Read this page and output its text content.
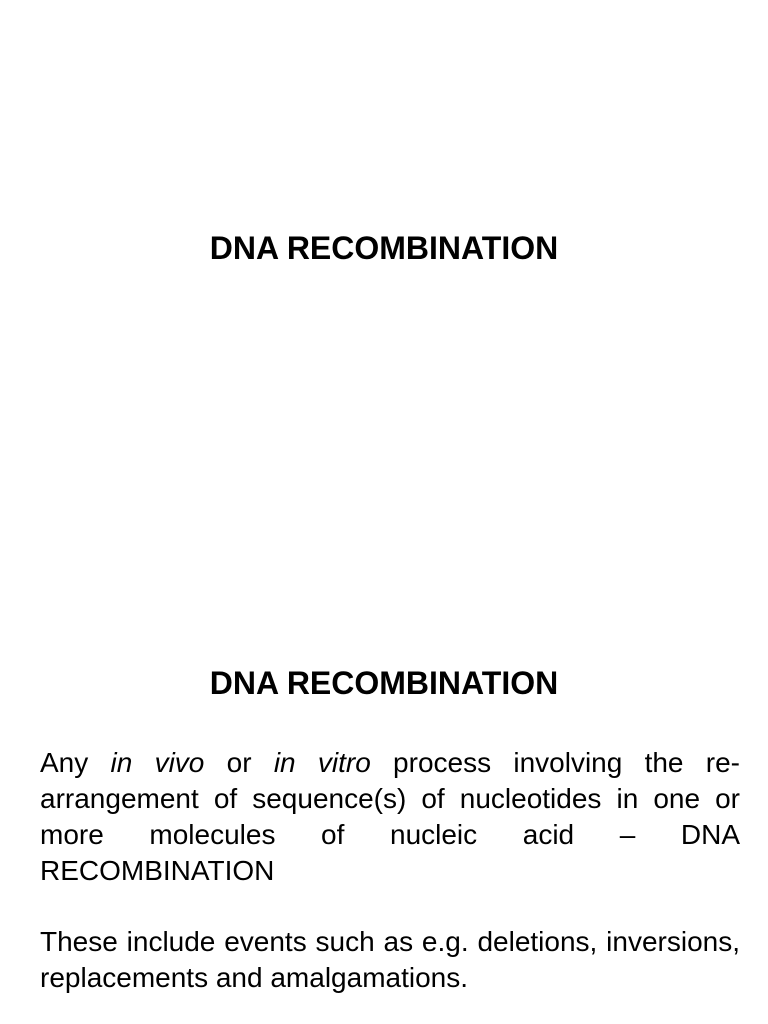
DNA RECOMBINATION
DNA RECOMBINATION

Any in vivo or in vitro process involving the re-arrangement of sequence(s) of nucleotides in one or more molecules of nucleic acid – DNA RECOMBINATION

These include events such as e.g. deletions, inversions, replacements and amalgamations.
